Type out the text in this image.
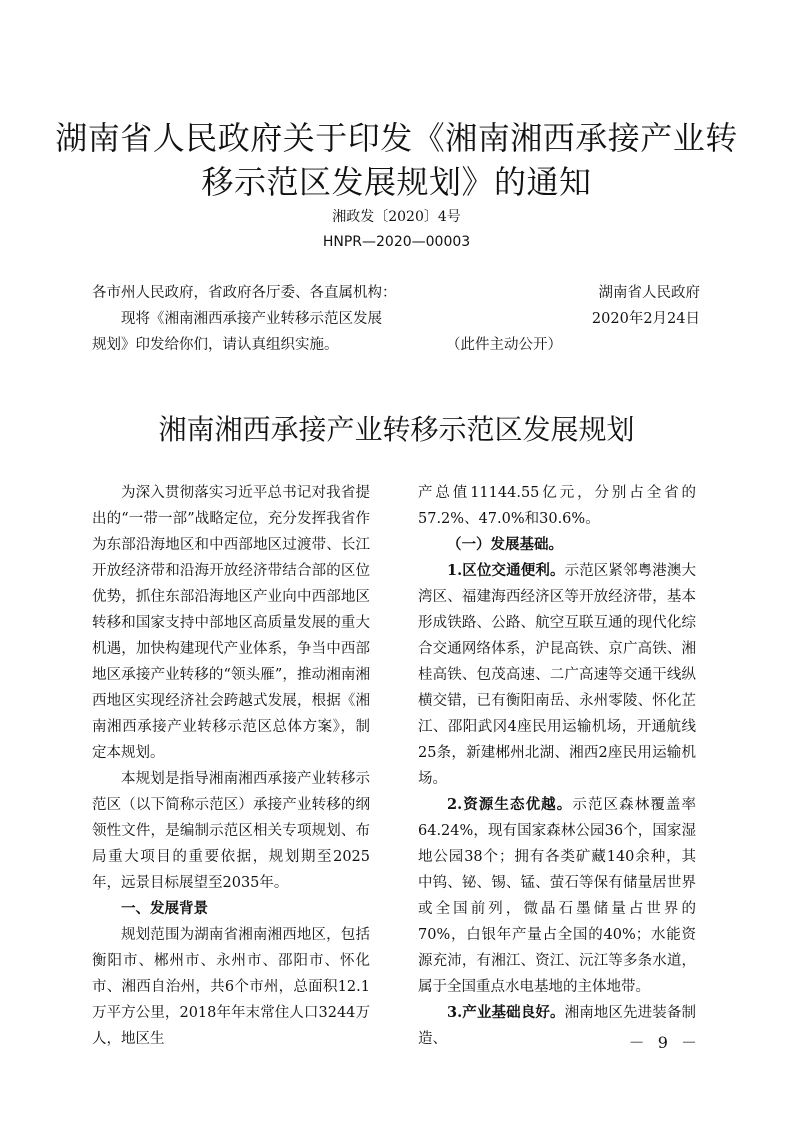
湖南省人民政府关于印发《湘南湘西承接产业转
移示范区发展规划》的通知
湘政发〔2020〕4号
HNPR—2020—00003
各市州人民政府，省政府各厅委、各直属机构：
现将《湘南湘西承接产业转移示范区发展
规划》印发给你们，请认真组织实施。
湖南省人民政府
2020年2月24日
（此件主动公开）
湘南湘西承接产业转移示范区发展规划

为深入贯彻落实习近平总书记对我省提出的“一带一部”战略定位，充分发挥我省作为东部沿海地区和中西部地区过渡带、长江开放经济带和沿海开放经济带结合部的区位优势，抓住东部沿海地区产业向中西部地区转移和国家支持中部地区高质量发展的重大机遇，加快构建现代产业体系，争当中西部地区承接产业转移的“领头雁”，推动湘南湘西地区实现经济社会跨越式发展，根据《湘南湘西承接产业转移示范区总体方案》，制定本规划。

本规划是指导湘南湘西承接产业转移示范区（以下简称示范区）承接产业转移的纲领性文件，是编制示范区相关专项规划、布局重大项目的重要依据，规划期至2025年，远景目标展望至2035年。

一、发展背景

规划范围为湖南省湘南湘西地区，包括衡阳市、郴州市、永州市、邵阳市、怀化市、湘西自治州，共6个市州，总面积12.1万平方公里，2018年年末常住人口3244万人，地区生

产总值11144.55亿元，分别占全省的57.2%、47.0%和30.6%。

（一）发展基础。

1.区位交通便利。示范区紧邻粤港澳大湾区、福建海西经济区等开放经济带，基本形成铁路、公路、航空互联互通的现代化综合交通网络体系，沪昆高铁、京广高铁、湘桂高铁、包茂高速、二广高速等交通干线纵横交错，已有衡阳南岳、永州零陵、怀化芷江、邵阳武冈4座民用运输机场，开通航线25条，新建郴州北湖、湘西2座民用运输机场。

2.资源生态优越。示范区森林覆盖率64.24%，现有国家森林公园36个，国家湿地公园38个；拥有各类矿藏140余种，其中钨、铋、锡、锰、萤石等保有储量居世界或全国前列，微晶石墨储量占世界的70%，白银年产量占全国的40%；水能资源充沛，有湘江、资江、沅江等多条水道，属于全国重点水电基地的主体地带。

3.产业基础良好。湘南地区先进装备制造、	－ 9 －
